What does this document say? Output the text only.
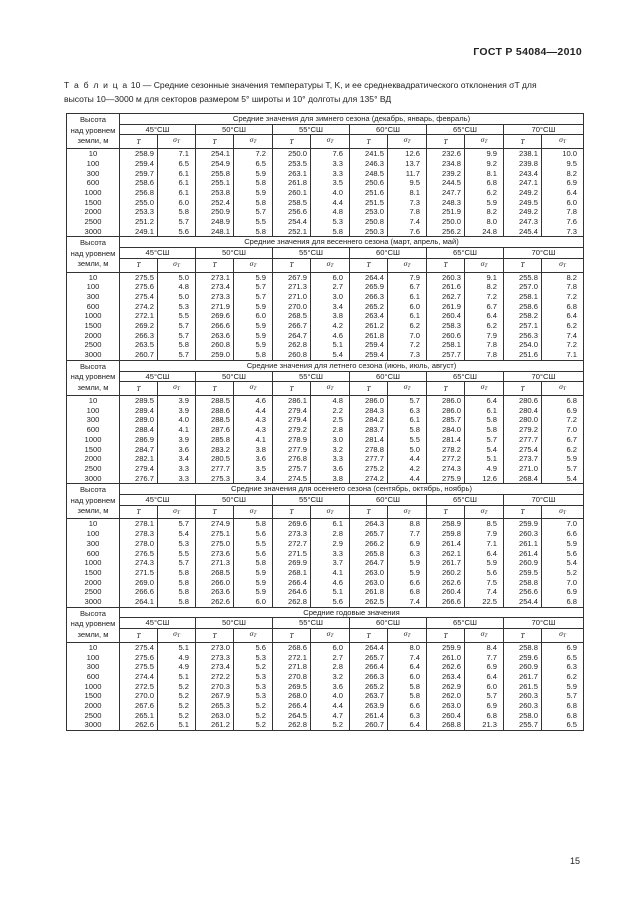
ГОСТ Р 54084—2010
Т а б л и ц а 10 — Средние сезонные значения температуры T, K, и ее среднеквадратического отклонения σT для
высоты 10—3000 м для секторов размером 5° широты и 10° долготы для 135° ВД
Высота
над уровнем
земли, м	Средние значения для зимнего сезона (декабрь, январь, февраль)											
	45°СШ		50°СШ		55°СШ		60°СШ		65°СШ		70°СШ	
	T	$\sigma_T$	T	$\sigma_T$	T	$\sigma_T$	T	$\sigma_T$	T	$\sigma_T$	T	$\sigma_T$
10	258.9	7.1	254.1	7.2	250.0	7.6	241.5	12.6	232.6	9.9	238.1	10.0
100	259.4	6.5	254.9	6.5	253.5	3.3	246.3	13.7	234.8	9.2	239.8	9.5
300	259.7	6.1	255.8	5.9	263.1	3.3	248.5	11.7	239.2	8.1	243.4	8.2
600	258.6	6.1	255.1	5.8	261.8	3.5	250.6	9.5	244.5	6.8	247.1	6.9
1000	256.8	6.1	253.8	5.9	260.1	4.0	251.6	8.1	247.7	6.2	249.2	6.4
1500	255.0	6.0	252.4	5.8	258.5	4.4	251.5	7.3	248.3	5.9	249.5	6.0
2000	253.3	5.8	250.9	5.7	256.6	4.8	253.0	7.8	251.9	8.2	249.2	7.8
2500	251.2	5.7	248.9	5.5	254.4	5.3	250.8	7.4	250.0	8.0	247.3	7.6
3000	249.1	5.6	248.1	5.8	252.1	5.8	250.3	7.6	256.2	24.8	245.4	7.3
Высота
над уровнем
земли, м	Средние значения для весеннего сезона (март, апрель, май)											
	45°СШ		50°СШ		55°СШ		60°СШ		65°СШ		70°СШ	
	T	$\sigma_T$	T	$\sigma_T$	T	$\sigma_T$	T	$\sigma_T$	T	$\sigma_T$	T	$\sigma_T$
10	275.5	5.0	273.1	5.9	267.9	6.0	264.4	7.9	260.3	9.1	255.8	8.2
100	275.6	4.8	273.4	5.7	271.3	2.7	265.9	6.7	261.6	8.2	257.0	7.8
300	275.4	5.0	273.3	5.7	271.0	3.0	266.3	6.1	262.7	7.2	258.1	7.2
600	274.2	5.3	271.9	5.9	270.0	3.4	265.2	6.0	261.9	6.7	258.6	6.8
1000	272.1	5.5	269.6	6.0	268.5	3.8	263.4	6.1	260.4	6.4	258.2	6.4
1500	269.2	5.7	266.6	5.9	266.7	4.2	261.2	6.2	258.3	6.2	257.1	6.2
2000	266.3	5.7	263.6	5.9	264.7	4.6	261.8	7.0	260.6	7.9	256.3	7.4
2500	263.5	5.8	260.8	5.9	262.8	5.1	259.4	7.2	258.1	7.8	254.0	7.2
3000	260.7	5.7	259.0	5.8	260.8	5.4	259.4	7.3	257.7	7.8	251.6	7.1
Высота
над уровнем
земли, м	Средние значения для летнего сезона (июнь, июль, август)											
	45°СШ		50°СШ		55°СШ		60°СШ		65°СШ		70°СШ	
	T	$\sigma_T$	T	$\sigma_T$	T	$\sigma_T$	T	$\sigma_T$	T	$\sigma_T$	T	$\sigma_T$
10	289.5	3.9	288.5	4.6	286.1	4.8	286.0	5.7	286.0	6.4	280.6	6.8
100	289.4	3.9	288.6	4.4	279.4	2.2	284.3	6.3	286.0	6.1	280.4	6.9
300	289.0	4.0	288.5	4.3	279.4	2.5	284.2	6.1	285.7	5.8	280.0	7.2
600	288.4	4.1	287.6	4.3	279.2	2.8	283.7	5.8	284.0	5.8	279.2	7.0
1000	286.9	3.9	285.8	4.1	278.9	3.0	281.4	5.5	281.4	5.7	277.7	6.7
1500	284.7	3.6	283.2	3.8	277.9	3.2	278.8	5.0	278.2	5.4	275.4	6.2
2000	282.1	3.4	280.5	3.6	276.8	3.3	277.7	4.4	277.2	5.1	273.7	5.9
2500	279.4	3.3	277.7	3.5	275.7	3.6	275.2	4.2	274.3	4.9	271.0	5.7
3000	276.7	3.3	275.3	3.4	274.5	3.8	274.2	4.4	275.9	12.6	268.4	5.4
Высота
над уровнем
земли, м	Средние значения для осеннего сезона (сентябрь, октябрь, ноябрь)											
	45°СШ		50°СШ		55°СШ		60°СШ		65°СШ		70°СШ	
	T	$\sigma_T$	T	$\sigma_T$	T	$\sigma_T$	T	$\sigma_T$	T	$\sigma_T$	T	$\sigma_T$
10	278.1	5.7	274.9	5.8	269.6	6.1	264.3	8.8	258.9	8.5	259.9	7.0
100	278.3	5.4	275.1	5.6	273.3	2.8	265.7	7.7	259.8	7.9	260.3	6.6
300	278.0	5.3	275.0	5.5	272.7	2.9	266.2	6.9	261.4	7.1	261.1	5.9
600	276.5	5.5	273.6	5.6	271.5	3.3	265.8	6.3	262.1	6.4	261.4	5.6
1000	274.3	5.7	271.3	5.8	269.9	3.7	264.7	5.9	261.7	5.9	260.9	5.4
1500	271.5	5.8	268.5	5.9	268.1	4.1	263.0	5.9	260.2	5.6	259.5	5.2
2000	269.0	5.8	266.0	5.9	266.4	4.6	263.0	6.6	262.6	7.5	258.8	7.0
2500	266.6	5.8	263.6	5.9	264.6	5.1	261.8	6.8	260.4	7.4	256.6	6.9
3000	264.1	5.8	262.6	6.0	262.8	5.6	262.5	7.4	266.6	22.5	254.4	6.8
Высота
над уровнем
земли, м	Средние годовые значения											
	45°СШ		50°СШ		55°СШ		60°СШ		65°СШ		70°СШ	
	T	$\sigma_T$	T	$\sigma_T$	T	$\sigma_T$	T	$\sigma_T$	T	$\sigma_T$	T	$\sigma_T$
10	275.4	5.1	273.0	5.6	268.6	6.0	264.4	8.0	259.9	8.4	258.8	6.9
100	275.6	4.9	273.3	5.3	272.1	2.7	265.7	7.4	261.0	7.7	259.6	6.5
300	275.5	4.9	273.4	5.2	271.8	2.8	266.4	6.4	262.6	6.9	260.9	6.3
600	274.4	5.1	272.2	5.3	270.8	3.2	266.3	6.0	263.4	6.4	261.7	6.2
1000	272.5	5.2	270.3	5.3	269.5	3.6	265.2	5.8	262.9	6.0	261.5	5.9
1500	270.0	5.2	267.9	5.3	268.0	4.0	263.7	5.8	262.0	5.7	260.3	5.7
2000	267.6	5.2	265.3	5.2	266.4	4.4	263.9	6.6	263.0	6.9	260.3	6.8
2500	265.1	5.2	263.0	5.2	264.5	4.7	261.4	6.3	260.4	6.8	258.0	6.8
3000	262.6	5.1	261.2	5.2	262.8	5.2	260.7	6.4	268.8	21.3	255.7	6.5
15
